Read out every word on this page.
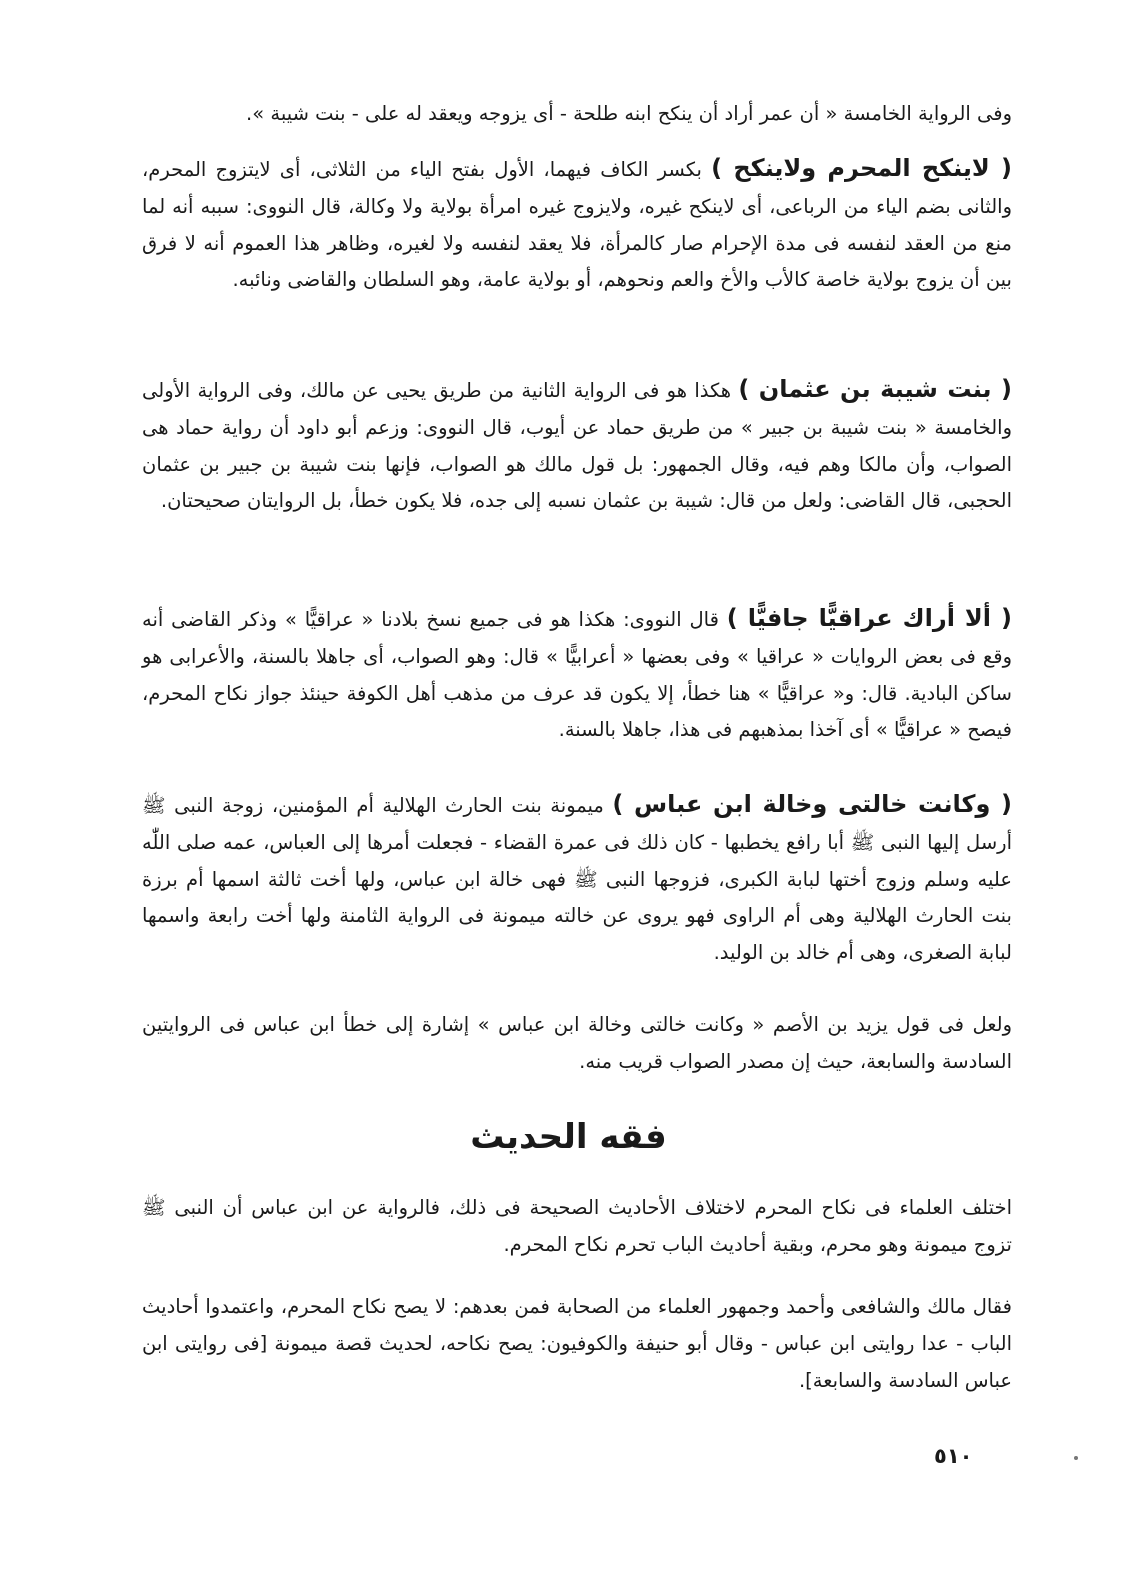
وفى الرواية الخامسة « أن عمر أراد أن ينكح ابنه طلحة - أى يزوجه ويعقد له على - بنت شيبة ».

( لاينكح المحرم ولاينكح ) بكسر الكاف فيهما، الأول بفتح الياء من الثلاثى، أى لايتزوج المحرم، والثانى بضم الياء من الرباعى، أى لاينكح غيره، ولايزوج غيره امرأة بولاية ولا وكالة، قال النووى: سببه أنه لما منع من العقد لنفسه فى مدة الإحرام صار كالمرأة، فلا يعقد لنفسه ولا لغيره، وظاهر هذا العموم أنه لا فرق بين أن يزوج بولاية خاصة كالأب والأخ والعم ونحوهم، أو بولاية عامة، وهو السلطان والقاضى ونائبه.

( بنت شيبة بن عثمان ) هكذا هو فى الرواية الثانية من طريق يحيى عن مالك، وفى الرواية الأولى والخامسة « بنت شيبة بن جبير » من طريق حماد عن أيوب، قال النووى: وزعم أبو داود أن رواية حماد هى الصواب، وأن مالكا وهم فيه، وقال الجمهور: بل قول مالك هو الصواب، فإنها بنت شيبة بن جبير بن عثمان الحجبى، قال القاضى: ولعل من قال: شيبة بن عثمان نسبه إلى جده، فلا يكون خطأ، بل الروايتان صحيحتان.

( ألا أراك عراقيًّا جافيًّا ) قال النووى: هكذا هو فى جميع نسخ بلادنا « عراقيًّا » وذكر القاضى أنه وقع فى بعض الروايات « عراقيا » وفى بعضها « أعرابيًّا » قال: وهو الصواب، أى جاهلا بالسنة، والأعرابى هو ساكن البادية. قال: و« عراقيًّا » هنا خطأ، إلا يكون قد عرف من مذهب أهل الكوفة حينئذ جواز نكاح المحرم، فيصح « عراقيًّا » أى آخذا بمذهبهم فى هذا، جاهلا بالسنة.

( وكانت خالتى وخالة ابن عباس ) ميمونة بنت الحارث الهلالية أم المؤمنين، زوجة النبى ﷺ أرسل إليها النبى ﷺ أبا رافع يخطبها - كان ذلك فى عمرة القضاء - فجعلت أمرها إلى العباس، عمه صلى اللّٰه عليه وسلم وزوج أختها لبابة الكبرى، فزوجها النبى ﷺ فهى خالة ابن عباس، ولها أخت ثالثة اسمها أم برزة بنت الحارث الهلالية وهى أم الراوى فهو يروى عن خالته ميمونة فى الرواية الثامنة ولها أخت رابعة واسمها لبابة الصغرى، وهى أم خالد بن الوليد.

ولعل فى قول يزيد بن الأصم « وكانت خالتى وخالة ابن عباس » إشارة إلى خطأ ابن عباس فى الروايتين السادسة والسابعة، حيث إن مصدر الصواب قريب منه.

فقه الحديث

اختلف العلماء فى نكاح المحرم لاختلاف الأحاديث الصحيحة فى ذلك، فالرواية عن ابن عباس أن النبى ﷺ تزوج ميمونة وهو محرم، وبقية أحاديث الباب تحرم نكاح المحرم.

فقال مالك والشافعى وأحمد وجمهور العلماء من الصحابة فمن بعدهم: لا يصح نكاح المحرم، واعتمدوا أحاديث الباب - عدا روايتى ابن عباس - وقال أبو حنيفة والكوفيون: يصح نكاحه، لحديث قصة ميمونة [فى روايتى ابن عباس السادسة والسابعة].

٥١٠
